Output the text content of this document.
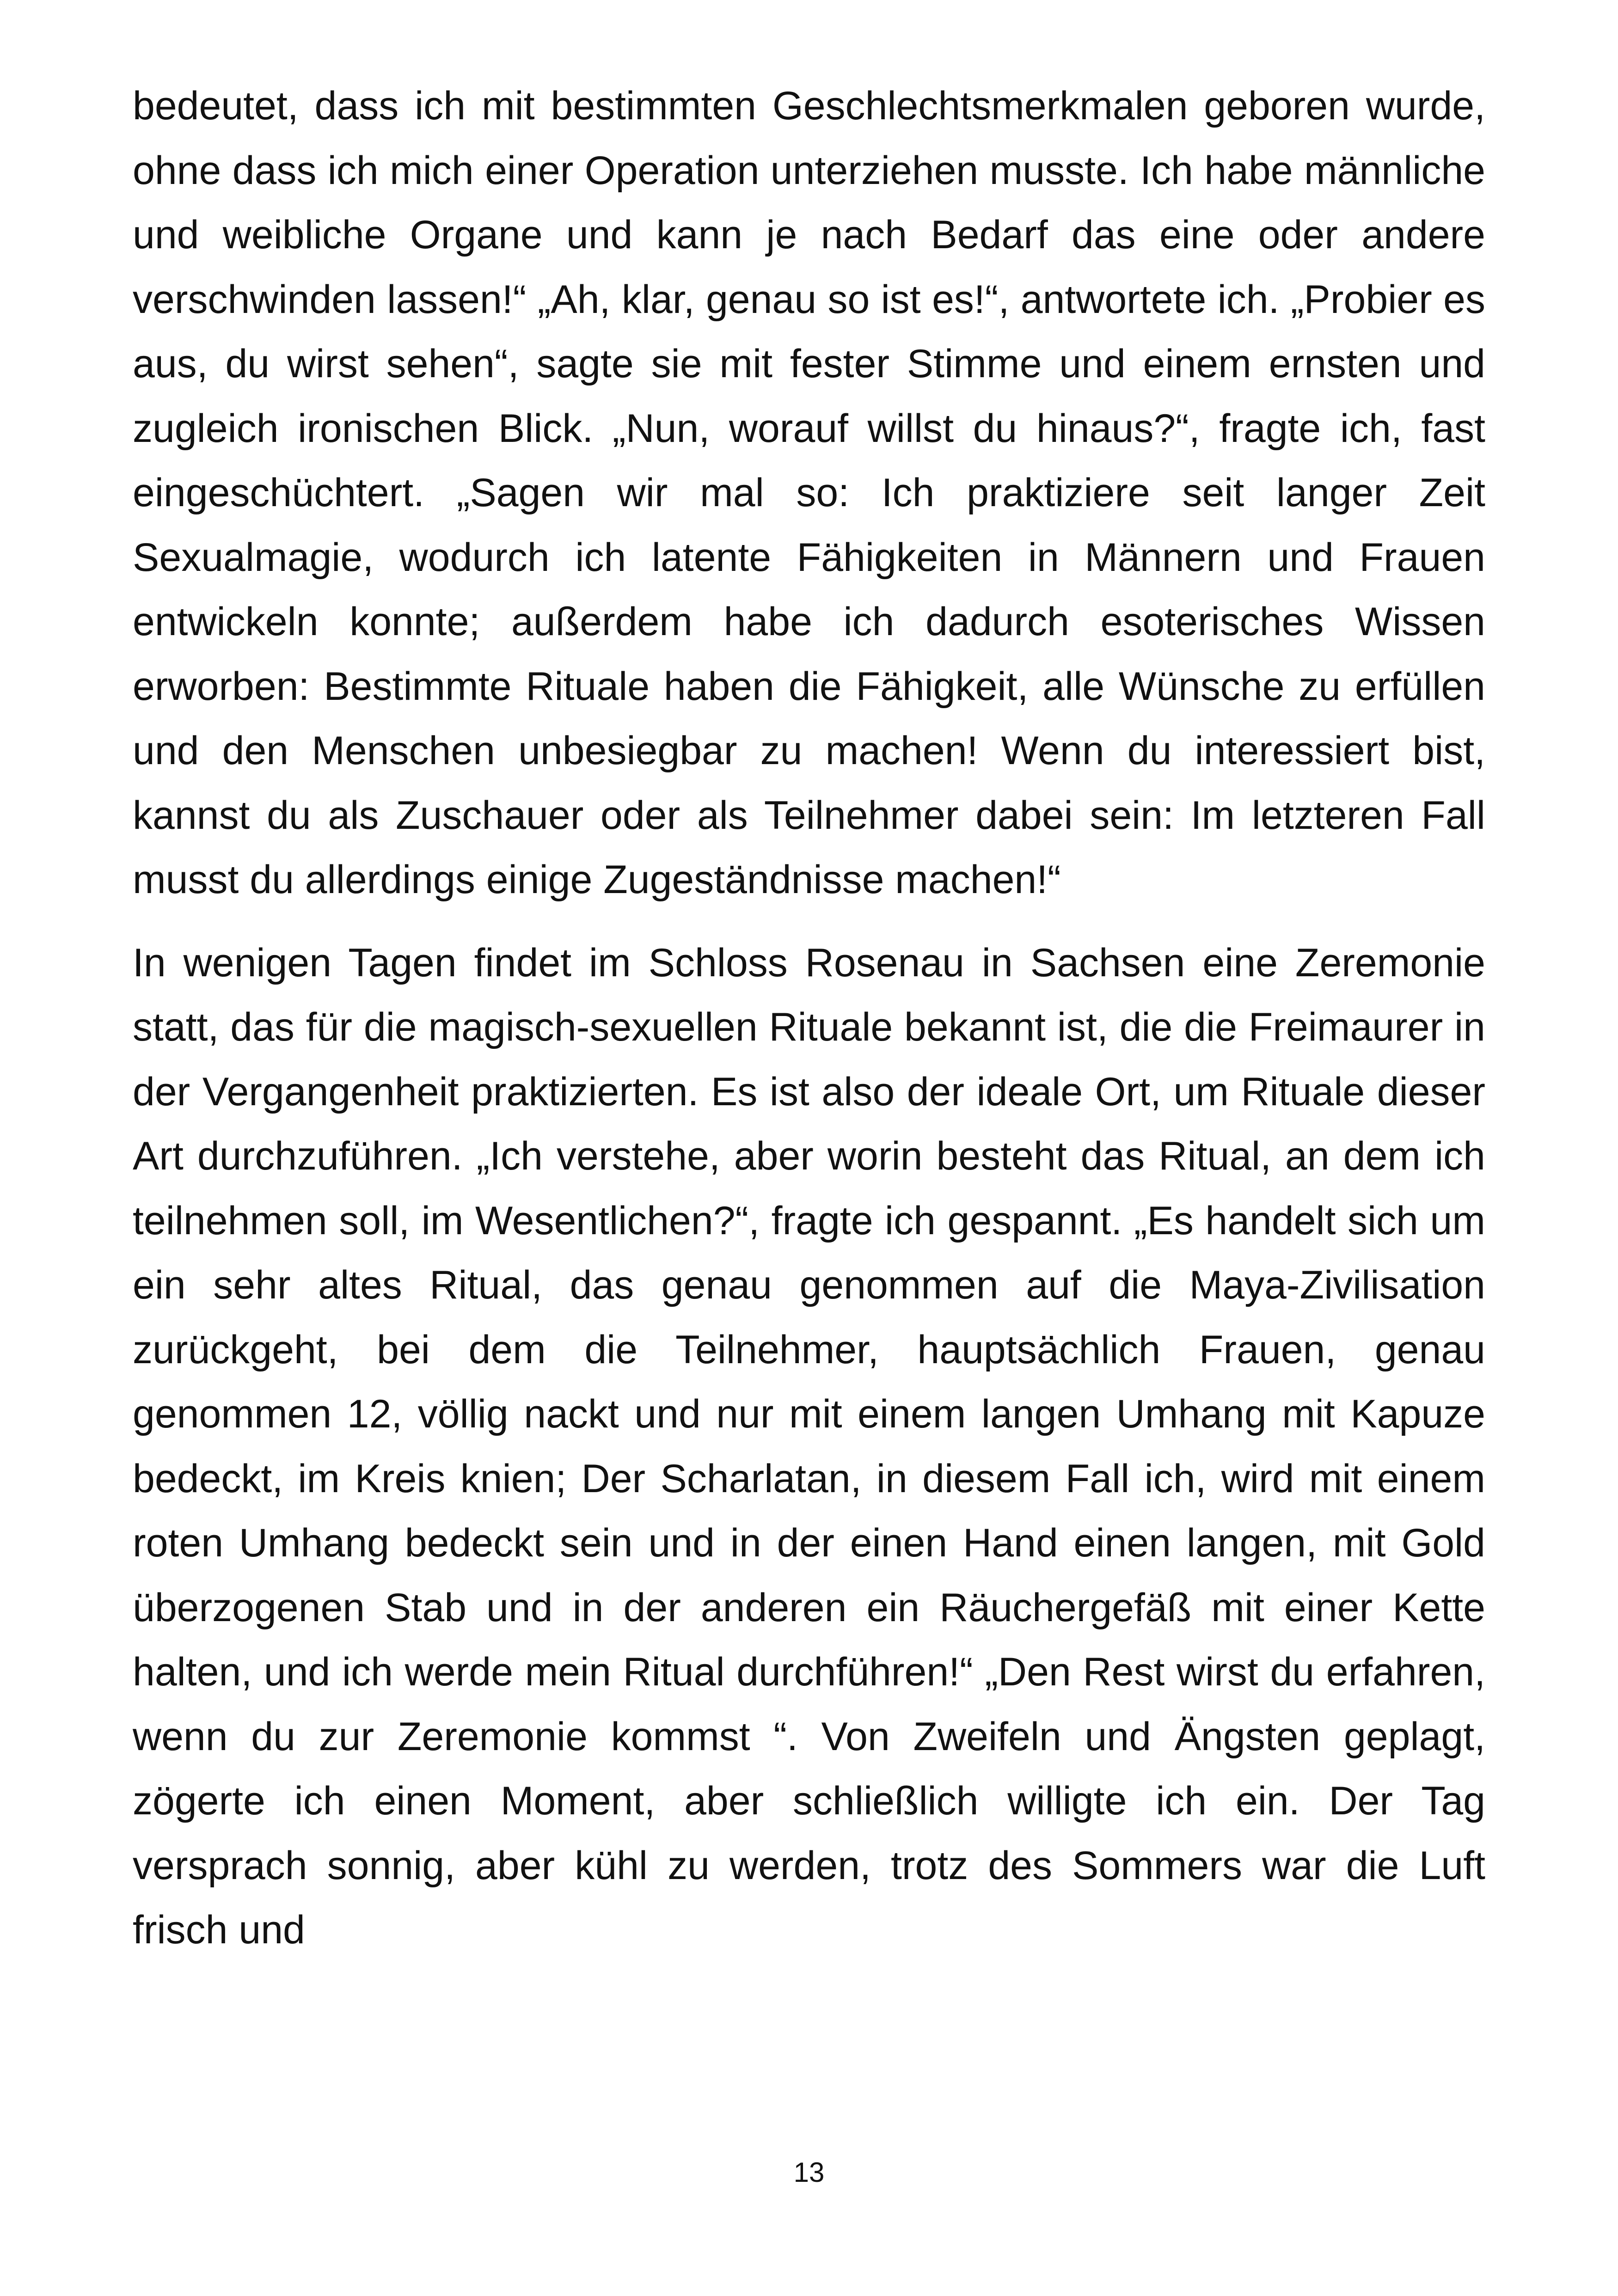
bedeutet, dass ich mit bestimmten Geschlechtsmerkmalen geboren wurde, ohne dass ich mich einer Operation unterziehen musste. Ich habe männliche und weibliche Organe und kann je nach Bedarf das eine oder andere verschwinden lassen!“ „Ah, klar, genau so ist es!“, antwortete ich. „Probier es aus, du wirst sehen“, sagte sie mit fester Stimme und einem ernsten und zugleich ironischen Blick. „Nun, worauf willst du hinaus?“, fragte ich, fast eingeschüchtert. „Sagen wir mal so: Ich praktiziere seit langer Zeit Sexualmagie, wodurch ich latente Fähigkeiten in Männern und Frauen entwickeln konnte; außerdem habe ich dadurch esoterisches Wissen erworben: Bestimmte Rituale haben die Fähigkeit, alle Wünsche zu erfüllen und den Menschen unbesiegbar zu machen! Wenn du interessiert bist, kannst du als Zuschauer oder als Teilnehmer dabei sein: Im letzteren Fall musst du allerdings einige Zugeständnisse machen!“

In wenigen Tagen findet im Schloss Rosenau in Sachsen eine Zeremonie statt, das für die magisch-sexuellen Rituale bekannt ist, die die Freimaurer in der Vergangenheit praktizierten. Es ist also der ideale Ort, um Rituale dieser Art durchzuführen. „Ich verstehe, aber worin besteht das Ritual, an dem ich teilnehmen soll, im Wesentlichen?“, fragte ich gespannt. „Es handelt sich um ein sehr altes Ritual, das genau genommen auf die Maya-Zivilisation zurückgeht, bei dem die Teilnehmer, hauptsächlich Frauen, genau genommen 12, völlig nackt und nur mit einem langen Umhang mit Kapuze bedeckt, im Kreis knien; Der Scharlatan, in diesem Fall ich, wird mit einem roten Umhang bedeckt sein und in der einen Hand einen langen, mit Gold überzogenen Stab und in der anderen ein Räuchergefäß mit einer Kette halten, und ich werde mein Ritual durchführen!“ „Den Rest wirst du erfahren, wenn du zur Zeremonie kommst “. Von Zweifeln und Ängsten geplagt, zögerte ich einen Moment, aber schließlich willigte ich ein. Der Tag versprach sonnig, aber kühl zu werden, trotz des Sommers war die Luft frisch und

13
